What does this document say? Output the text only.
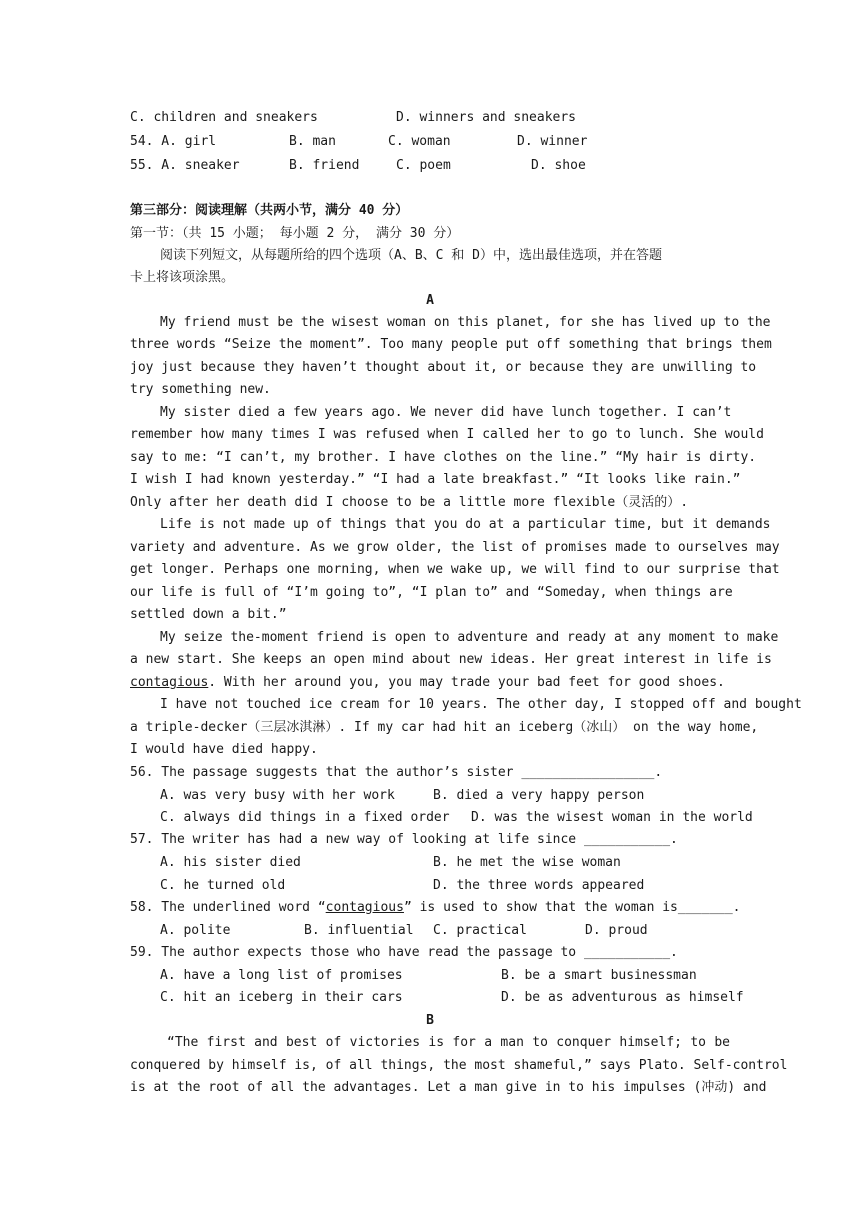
C. children and sneakers	D. winners and sneakers
54. A. girl	B. man	C. woman	D. winner
55. A. sneaker	B. friend	C. poem	D. shoe
第三部分：阅读理解（共两小节，满分 40 分）
第一节：（共 15 小题； 每小题 2 分， 满分 30 分）
阅读下列短文，从每题所给的四个选项（A、B、C 和 D）中，选出最佳选项，并在答题
卡上将该项涂黑。
A
My friend must be the wisest woman on this planet, for she has lived up to the
three words “Seize the moment”. Too many people put off something that brings them
joy just because they haven’t thought about it, or because they are unwilling to
try something new.
My sister died a few years ago. We never did have lunch together. I can’t
remember how many times I was refused when I called her to go to lunch. She would
say to me: “I can’t, my brother. I have clothes on the line.” “My hair is dirty.
I wish I had known yesterday.” “I had a late breakfast.” “It looks like rain.”
Only after her death did I choose to be a little more flexible（灵活的）.
Life is not made up of things that you do at a particular time, but it demands
variety and adventure. As we grow older, the list of promises made to ourselves may
get longer. Perhaps one morning, when we wake up, we will find to our surprise that
our life is full of “I’m going to”, “I plan to” and “Someday, when things are
settled down a bit.”
My seize the-moment friend is open to adventure and ready at any moment to make
a new start. She keeps an open mind about new ideas. Her great interest in life is
contagious. With her around you, you may trade your bad feet for good shoes.
I have not touched ice cream for 10 years. The other day, I stopped off and bought
a triple-decker（三层冰淇淋）. If my car had hit an iceberg（冰山） on the way home,
I would have died happy.
56. The passage suggests that the author’s sister _________________.
A. was very busy with her work	B. died a very happy person
C. always did things in a fixed order D. was the wisest woman in the world
57. The writer has had a new way of looking at life since ___________.
A. his sister died	B. he met the wise woman
C. he turned old	D. the three words appeared
58. The underlined word “contagious” is used to show that the woman is_______.
A. polite	B. influential C. practical	D. proud
59. The author expects those who have read the passage to ___________.
A. have a long list of promises	B. be a smart businessman
C. hit an iceberg in their cars	D. be as adventurous as himself
B
“The first and best of victories is for a man to conquer himself; to be
conquered by himself is, of all things, the most shameful,” says Plato. Self-control
is at the root of all the advantages. Let a man give in to his impulses (冲动) and
